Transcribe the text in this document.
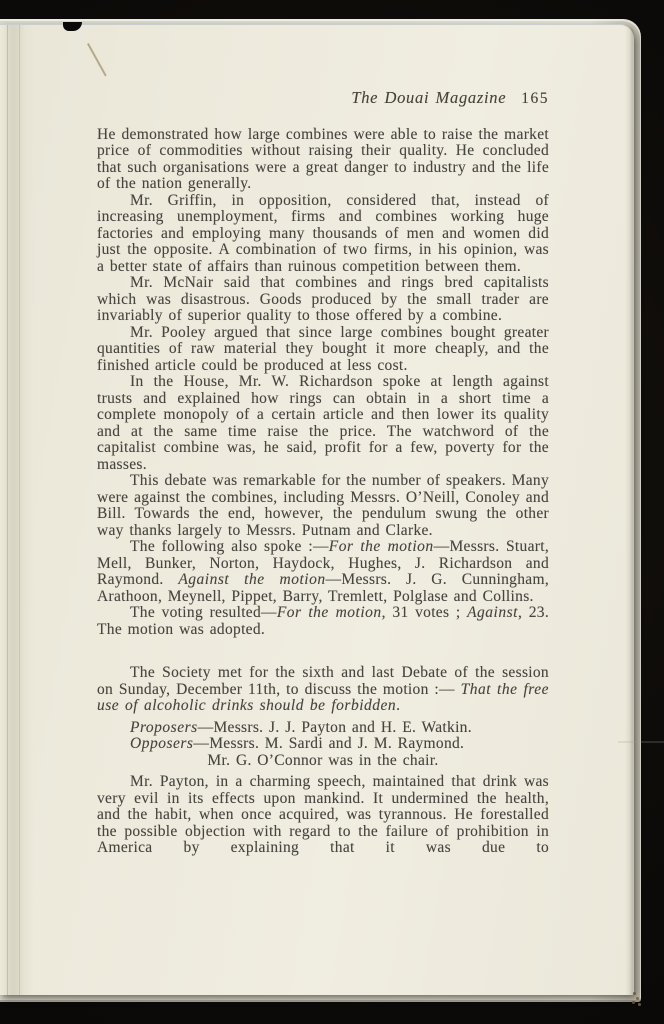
The Douai Magazine 165

He demonstrated how large combines were able to raise the market price of commodities without raising their quality. He concluded that such organisations were a great danger to industry and the life of the nation generally.

Mr. Griffin, in opposition, considered that, instead of increasing unemployment, firms and combines working huge factories and employing many thousands of men and women did just the opposite. A combination of two firms, in his opinion, was a better state of affairs than ruinous competition between them.

Mr. McNair said that combines and rings bred capitalists which was disastrous. Goods produced by the small trader are invariably of superior quality to those offered by a combine.

Mr. Pooley argued that since large combines bought greater quantities of raw material they bought it more cheaply, and the finished article could be produced at less cost.

In the House, Mr. W. Richardson spoke at length against trusts and explained how rings can obtain in a short time a complete monopoly of a certain article and then lower its quality and at the same time raise the price. The watchword of the capitalist combine was, he said, profit for a few, poverty for the masses.

This debate was remarkable for the number of speakers. Many were against the combines, including Messrs. O’Neill, Conoley and Bill. Towards the end, however, the pendulum swung the other way thanks largely to Messrs. Putnam and Clarke.

The following also spoke :—For the motion—Messrs. Stuart, Mell, Bunker, Norton, Haydock, Hughes, J. Richardson and Raymond. Against the motion—Messrs. J. G. Cunningham, Arathoon, Meynell, Pippet, Barry, Tremlett, Polglase and Collins.

The voting resulted—For the motion, 31 votes ; Against, 23. The motion was adopted.

The Society met for the sixth and last Debate of the session on Sunday, December 11th, to discuss the motion :— That the free use of alcoholic drinks should be forbidden.

Proposers—Messrs. J. J. Payton and H. E. Watkin.

Opposers—Messrs. M. Sardi and J. M. Raymond.

Mr. G. O’Connor was in the chair.

Mr. Payton, in a charming speech, maintained that drink was very evil in its effects upon mankind. It undermined the health, and the habit, when once acquired, was tyrannous. He forestalled the possible objection with regard to the failure of prohibition in America by explaining that it was due to
